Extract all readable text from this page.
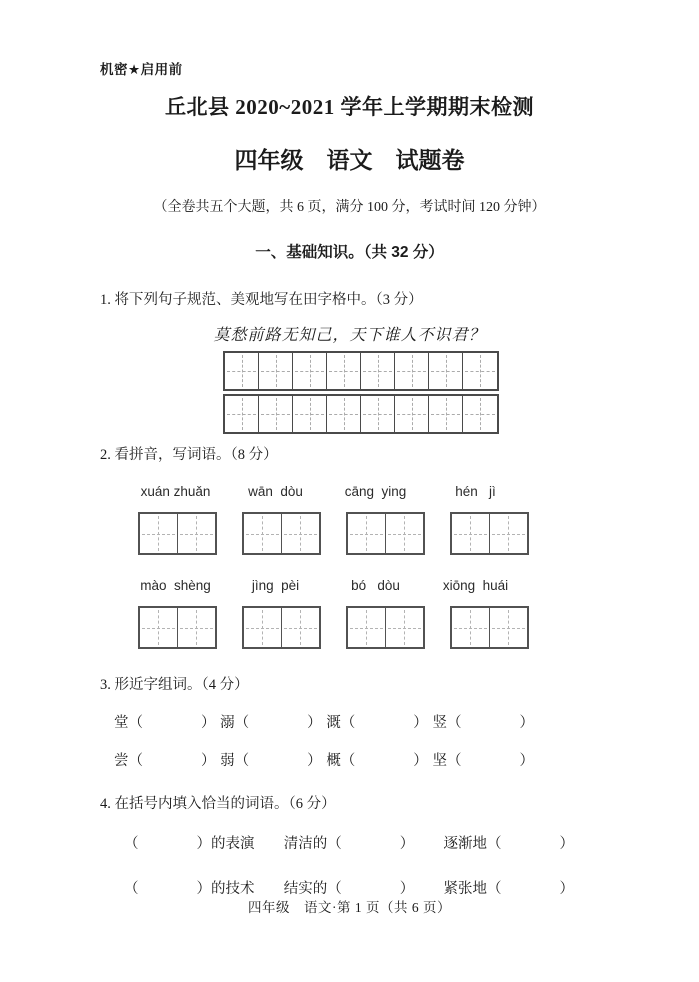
机密★启用前
丘北县 2020~2021 学年上学期期末检测
四年级　语文　试题卷
（全卷共五个大题，共 6 页，满分 100 分，考试时间 120 分钟）
一、基础知识。（共 32 分）
1. 将下列句子规范、美观地写在田字格中。（3 分）
莫愁前路无知己，天下谁人不识君？
2. 看拼音，写词语。（8 分）
xuán zhuǎn	wān  dòu	cāng  ying	hén   jì
mào  shèng	jìng  pèi	bó   dòu	xiōng  huái
3. 形近字组词。（4 分）
堂（　　　　） 溺（　　　　） 溉（　　　　） 竖（　　　　）
尝（　　　　） 弱（　　　　） 概（　　　　） 坚（　　　　）
4. 在括号内填入恰当的词语。（6 分）
（　　　　）的表演 清洁的（　　　　） 逐渐地（　　　　）
（　　　　）的技术 结实的（　　　　） 紧张地（　　　　）
四年级　语文·第 1 页（共 6 页）
